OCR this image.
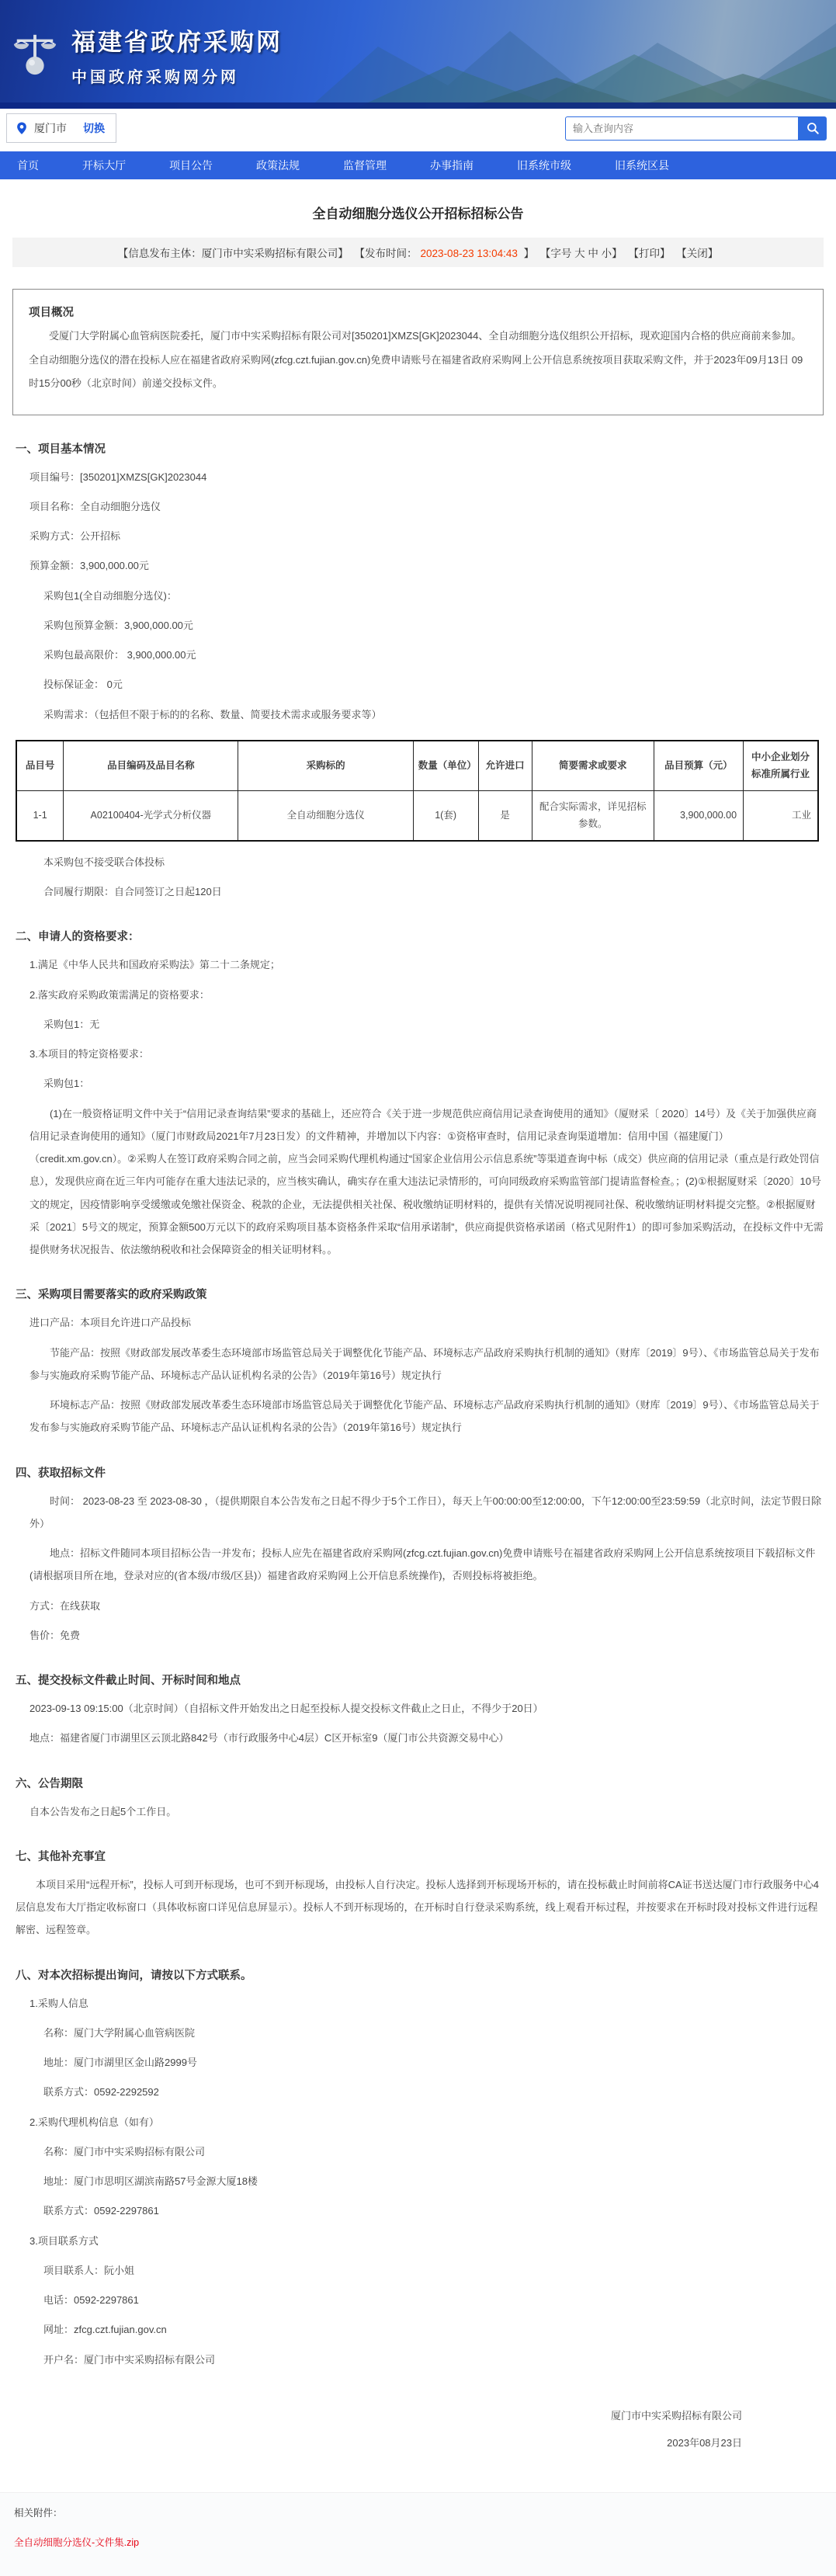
福建省政府采购网
中国政府采购网分网
厦门市 切换
输入查询内容
首页	开标大厅	项目公告	政策法规	监督管理	办事指南	旧系统市级	旧系统区县
全自动细胞分选仪公开招标招标公告
【信息发布主体：厦门市中实采购招标有限公司】 【发布时间： 2023-08-23 13:04:43 】 【字号 大 中 小】 【打印】 【关闭】
项目概况
受厦门大学附属心血管病医院委托，厦门市中实采购招标有限公司对[350201]XMZS[GK]2023044、全自动细胞分选仪组织公开招标，现欢迎国内合格的供应商前来参加。全自动细胞分选仪的潜在投标人应在福建省政府采购网(zfcg.czt.fujian.gov.cn)免费申请账号在福建省政府采购网上公开信息系统按项目获取采购文件，并于2023年09月13日 09时15分00秒（北京时间）前递交投标文件。
一、项目基本情况
项目编号：[350201]XMZS[GK]2023044
项目名称：全自动细胞分选仪
采购方式：公开招标
预算金额：3,900,000.00元
采购包1(全自动细胞分选仪)：
采购包预算金额：3,900,000.00元
采购包最高限价： 3,900,000.00元
投标保证金： 0元
采购需求：（包括但不限于标的的名称、数量、简要技术需求或服务要求等）
品目号	品目编码及品目名称	采购标的	数量（单位）	允许进口	简要需求或要求	品目预算（元）	中小企业划分标准所属行业
1-1	A02100404-光学式分析仪器	全自动细胞分选仪	1(套)	是	配合实际需求，详见招标参数。	3,900,000.00	工业
本采购包不接受联合体投标
合同履行期限：自合同签订之日起120日
二、申请人的资格要求：
1.满足《中华人民共和国政府采购法》第二十二条规定；
2.落实政府采购政策需满足的资格要求：
采购包1：无
3.本项目的特定资格要求：
采购包1：
(1)在一般资格证明文件中关于“信用记录查询结果”要求的基础上，还应符合《关于进一步规范供应商信用记录查询使用的通知》（厦财采〔 2020〕14号）及《关于加强供应商信用记录查询使用的通知》（厦门市财政局2021年7月23日发）的文件精神，并增加以下内容：①资格审查时，信用记录查询渠道增加：信用中国（福建厦门） （credit.xm.gov.cn）。②采购人在签订政府采购合同之前，应当会同采购代理机构通过“国家企业信用公示信息系统”等渠道查询中标（成交）供应商的信用记录（重点是行政处罚信息），发现供应商在近三年内可能存在重大违法记录的，应当核实确认，确实存在重大违法记录情形的，可向同级政府采购监管部门提请监督检查。；(2)①根据厦财采〔2020〕10号文的规定，因疫情影响享受缓缴或免缴社保资金、税款的企业，无法提供相关社保、税收缴纳证明材料的，提供有关情况说明视同社保、税收缴纳证明材料提交完整。②根据厦财采〔2021〕5号文的规定，预算金额500万元以下的政府采购项目基本资格条件采取“信用承诺制”，供应商提供资格承诺函（格式见附件1）的即可参加采购活动，在投标文件中无需提供财务状况报告、依法缴纳税收和社会保障资金的相关证明材料。。
三、采购项目需要落实的政府采购政策
进口产品：本项目允许进口产品投标
节能产品：按照《财政部发展改革委生态环境部市场监管总局关于调整优化节能产品、环境标志产品政府采购执行机制的通知》（财库〔2019〕9号）、《市场监管总局关于发布参与实施政府采购节能产品、环境标志产品认证机构名录的公告》（2019年第16号）规定执行
环境标志产品：按照《财政部发展改革委生态环境部市场监管总局关于调整优化节能产品、环境标志产品政府采购执行机制的通知》（财库〔2019〕9号）、《市场监管总局关于发布参与实施政府采购节能产品、环境标志产品认证机构名录的公告》（2019年第16号）规定执行
四、获取招标文件
时间： 2023-08-23 至 2023-08-30 ，（提供期限自本公告发布之日起不得少于5个工作日），每天上午00:00:00至12:00:00，下午12:00:00至23:59:59（北京时间，法定节假日除外）
地点：招标文件随同本项目招标公告一并发布；投标人应先在福建省政府采购网(zfcg.czt.fujian.gov.cn)免费申请账号在福建省政府采购网上公开信息系统按项目下载招标文件(请根据项目所在地，登录对应的(省本级/市级/区县)）福建省政府采购网上公开信息系统操作)，否则投标将被拒绝。
方式：在线获取
售价：免费
五、提交投标文件截止时间、开标时间和地点
2023-09-13 09:15:00（北京时间）（自招标文件开始发出之日起至投标人提交投标文件截止之日止，不得少于20日）
地点：福建省厦门市湖里区云顶北路842号（市行政服务中心4层）C区开标室9（厦门市公共资源交易中心）
六、公告期限
自本公告发布之日起5个工作日。
七、其他补充事宜
本项目采用“远程开标”，投标人可到开标现场，也可不到开标现场，由投标人自行决定。投标人选择到开标现场开标的，请在投标截止时间前将CA证书送达厦门市行政服务中心4层信息发布大厅指定收标窗口（具体收标窗口详见信息屏显示）。投标人不到开标现场的，在开标时自行登录采购系统，线上观看开标过程，并按要求在开标时段对投标文件进行远程解密、远程签章。
八、对本次招标提出询问，请按以下方式联系。
1.采购人信息
名称：厦门大学附属心血管病医院
地址：厦门市湖里区金山路2999号
联系方式：0592-2292592
2.采购代理机构信息（如有）
名称：厦门市中实采购招标有限公司
地址：厦门市思明区湖滨南路57号金源大厦18楼
联系方式：0592-2297861
3.项目联系方式
项目联系人：阮小姐
电话：0592-2297861
网址：zfcg.czt.fujian.gov.cn
开户名：厦门市中实采购招标有限公司
厦门市中实采购招标有限公司
2023年08月23日
相关附件：
全自动细胞分选仪-文件集.zip
